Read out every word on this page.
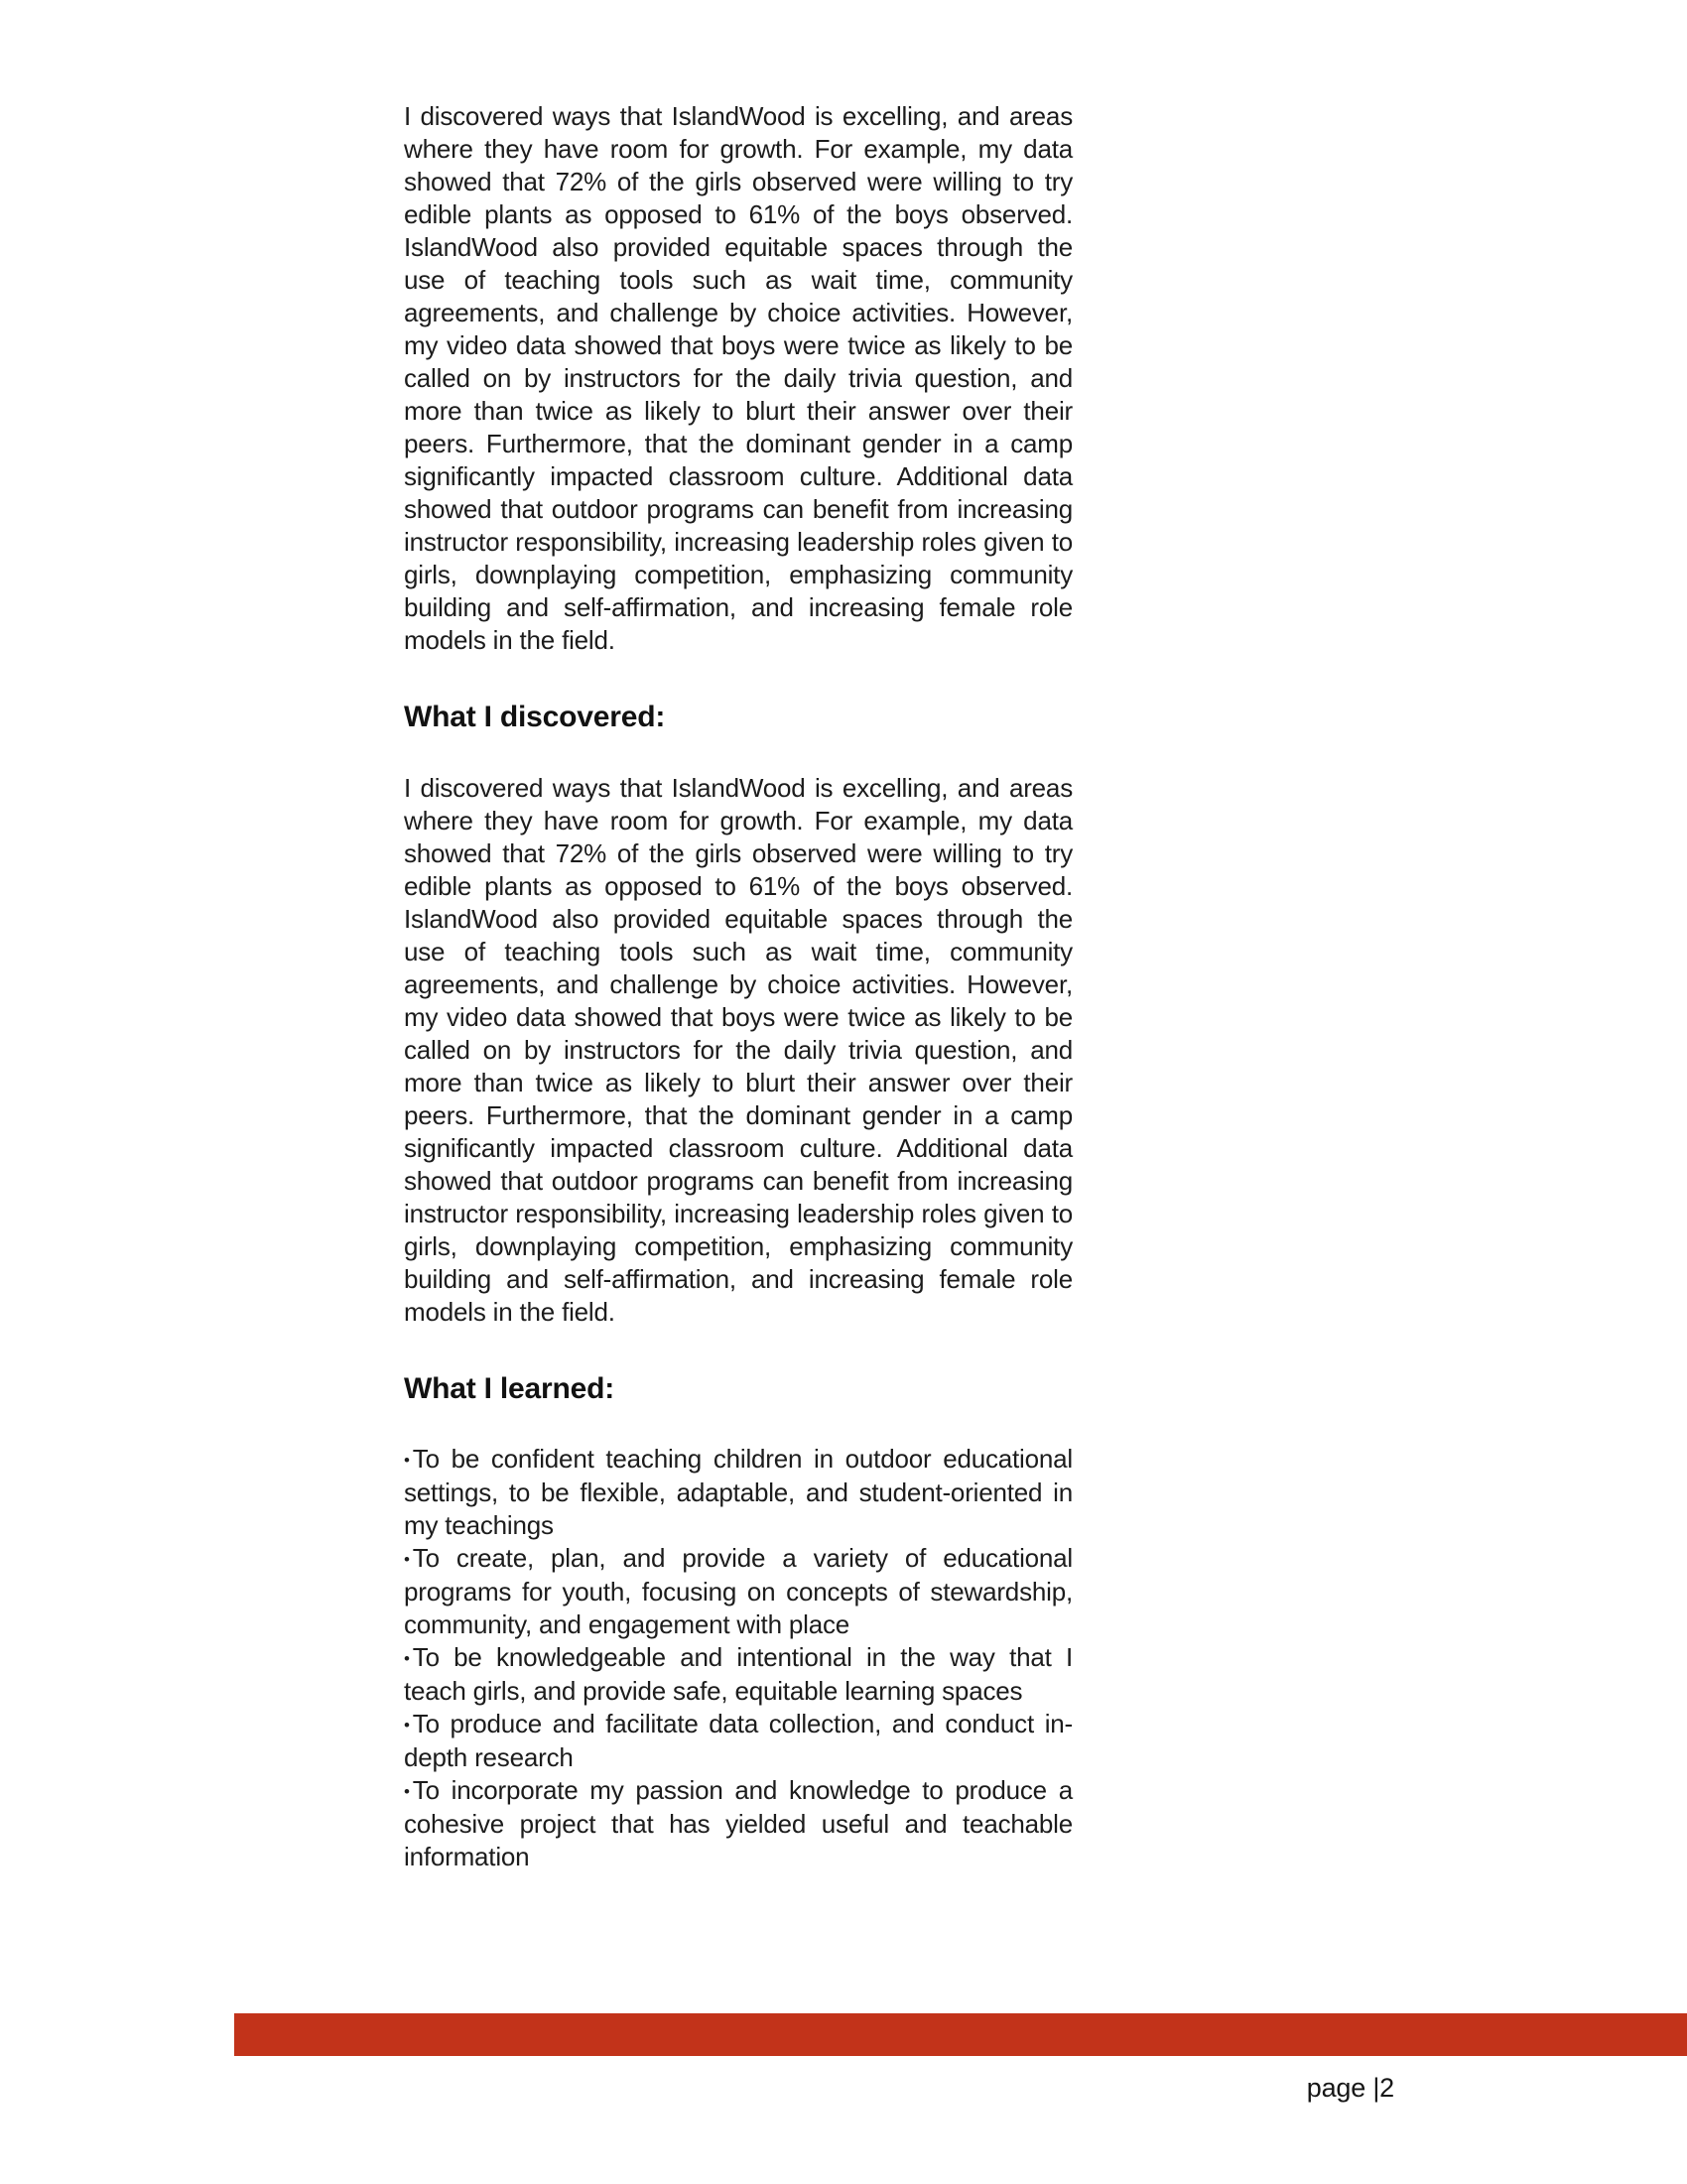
I discovered ways that IslandWood is excelling, and areas where they have room for growth. For example, my data showed that 72% of the girls observed were willing to try edible plants as opposed to 61% of the boys observed. IslandWood also provided equitable spaces through the use of teaching tools such as wait time, community agreements, and challenge by choice activities. However, my video data showed that boys were twice as likely to be called on by instructors for the daily trivia question, and more than twice as likely to blurt their answer over their peers. Furthermore, that the dominant gender in a camp significantly impacted classroom culture. Additional data showed that outdoor programs can benefit from increasing instructor responsibility, increasing leadership roles given to girls, downplaying competition, emphasizing community building and self-affirmation, and increasing female role models in the field.

What I discovered:

I discovered ways that IslandWood is excelling, and areas where they have room for growth. For example, my data showed that 72% of the girls observed were willing to try edible plants as opposed to 61% of the boys observed. IslandWood also provided equitable spaces through the use of teaching tools such as wait time, community agreements, and challenge by choice activities. However, my video data showed that boys were twice as likely to be called on by instructors for the daily trivia question, and more than twice as likely to blurt their answer over their peers. Furthermore, that the dominant gender in a camp significantly impacted classroom culture. Additional data showed that outdoor programs can benefit from increasing instructor responsibility, increasing leadership roles given to girls, downplaying competition, emphasizing community building and self-affirmation, and increasing female role models in the field.

What I learned:

• To be confident teaching children in outdoor educational settings, to be flexible, adaptable, and student-oriented in my teachings

• To create, plan, and provide a variety of educational programs for youth, focusing on concepts of stewardship, community, and engagement with place

• To be knowledgeable and intentional in the way that I teach girls, and provide safe, equitable learning spaces

• To produce and facilitate data collection, and conduct in-depth research

• To incorporate my passion and knowledge to produce a cohesive project that has yielded useful and teachable information

page |2
